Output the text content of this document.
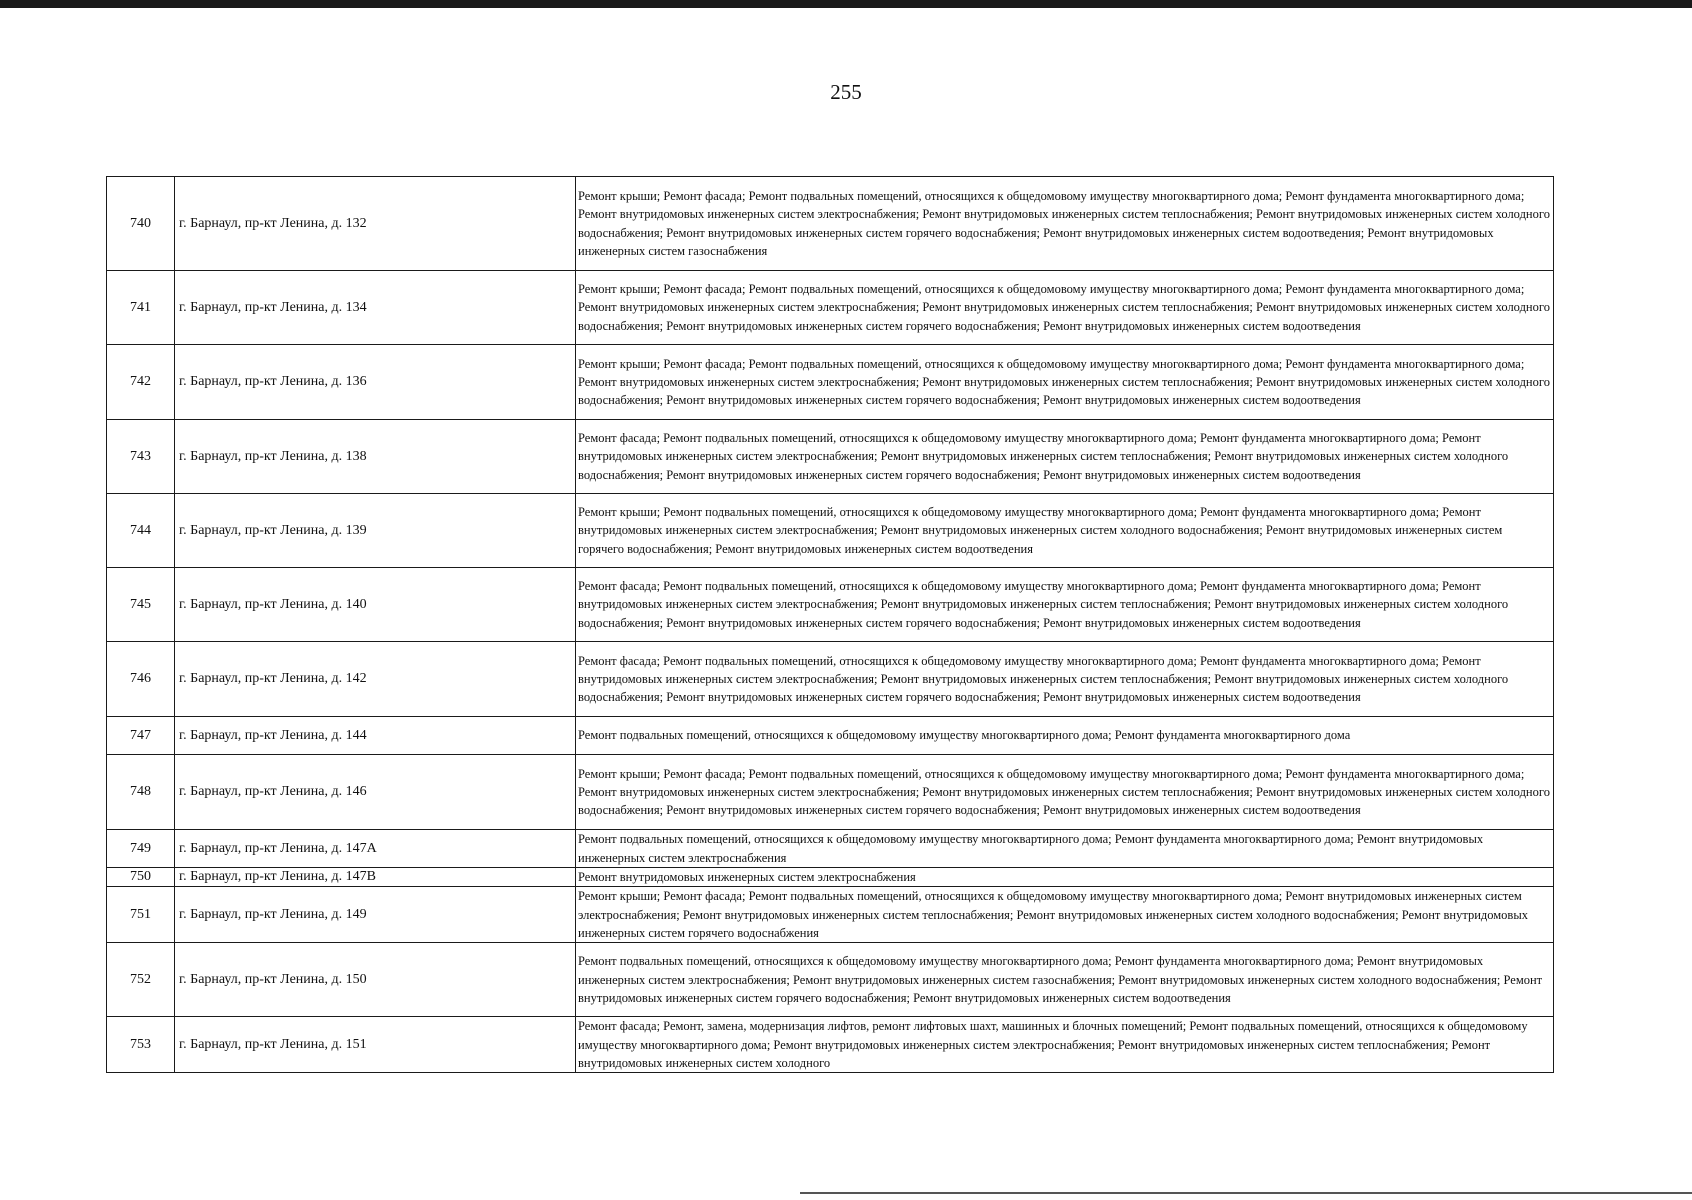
255
740	г. Барнаул, пр-кт Ленина, д. 132	Ремонт крыши; Ремонт фасада; Ремонт подвальных помещений, относящихся к общедомовому имуществу многоквартирного дома; Ремонт фундамента многоквартирного дома; Ремонт внутридомовых инженерных систем электроснабжения; Ремонт внутридомовых инженерных систем теплоснабжения; Ремонт внутридомовых инженерных систем холодного водоснабжения; Ремонт внутридомовых инженерных систем горячего водоснабжения; Ремонт внутридомовых инженерных систем водоотведения; Ремонт внутридомовых инженерных систем газоснабжения
741	г. Барнаул, пр-кт Ленина, д. 134	Ремонт крыши; Ремонт фасада; Ремонт подвальных помещений, относящихся к общедомовому имуществу многоквартирного дома; Ремонт фундамента многоквартирного дома; Ремонт внутридомовых инженерных систем электроснабжения; Ремонт внутридомовых инженерных систем теплоснабжения; Ремонт внутридомовых инженерных систем холодного водоснабжения; Ремонт внутридомовых инженерных систем горячего водоснабжения; Ремонт внутридомовых инженерных систем водоотведения
742	г. Барнаул, пр-кт Ленина, д. 136	Ремонт крыши; Ремонт фасада; Ремонт подвальных помещений, относящихся к общедомовому имуществу многоквартирного дома; Ремонт фундамента многоквартирного дома; Ремонт внутридомовых инженерных систем электроснабжения; Ремонт внутридомовых инженерных систем теплоснабжения; Ремонт внутридомовых инженерных систем холодного водоснабжения; Ремонт внутридомовых инженерных систем горячего водоснабжения; Ремонт внутридомовых инженерных систем водоотведения
743	г. Барнаул, пр-кт Ленина, д. 138	Ремонт фасада; Ремонт подвальных помещений, относящихся к общедомовому имуществу многоквартирного дома; Ремонт фундамента многоквартирного дома; Ремонт внутридомовых инженерных систем электроснабжения; Ремонт внутридомовых инженерных систем теплоснабжения; Ремонт внутридомовых инженерных систем холодного водоснабжения; Ремонт внутридомовых инженерных систем горячего водоснабжения; Ремонт внутридомовых инженерных систем водоотведения
744	г. Барнаул, пр-кт Ленина, д. 139	Ремонт крыши; Ремонт подвальных помещений, относящихся к общедомовому имуществу многоквартирного дома; Ремонт фундамента многоквартирного дома; Ремонт внутридомовых инженерных систем электроснабжения; Ремонт внутридомовых инженерных систем холодного водоснабжения; Ремонт внутридомовых инженерных систем горячего водоснабжения; Ремонт внутридомовых инженерных систем водоотведения
745	г. Барнаул, пр-кт Ленина, д. 140	Ремонт фасада; Ремонт подвальных помещений, относящихся к общедомовому имуществу многоквартирного дома; Ремонт фундамента многоквартирного дома; Ремонт внутридомовых инженерных систем электроснабжения; Ремонт внутридомовых инженерных систем теплоснабжения; Ремонт внутридомовых инженерных систем холодного водоснабжения; Ремонт внутридомовых инженерных систем горячего водоснабжения; Ремонт внутридомовых инженерных систем водоотведения
746	г. Барнаул, пр-кт Ленина, д. 142	Ремонт фасада; Ремонт подвальных помещений, относящихся к общедомовому имуществу многоквартирного дома; Ремонт фундамента многоквартирного дома; Ремонт внутридомовых инженерных систем электроснабжения; Ремонт внутридомовых инженерных систем теплоснабжения; Ремонт внутридомовых инженерных систем холодного водоснабжения; Ремонт внутридомовых инженерных систем горячего водоснабжения; Ремонт внутридомовых инженерных систем водоотведения
747	г. Барнаул, пр-кт Ленина, д. 144	Ремонт подвальных помещений, относящихся к общедомовому имуществу многоквартирного дома; Ремонт фундамента многоквартирного дома
748	г. Барнаул, пр-кт Ленина, д. 146	Ремонт крыши; Ремонт фасада; Ремонт подвальных помещений, относящихся к общедомовому имуществу многоквартирного дома; Ремонт фундамента многоквартирного дома; Ремонт внутридомовых инженерных систем электроснабжения; Ремонт внутридомовых инженерных систем теплоснабжения; Ремонт внутридомовых инженерных систем холодного водоснабжения; Ремонт внутридомовых инженерных систем горячего водоснабжения; Ремонт внутридомовых инженерных систем водоотведения
749	г. Барнаул, пр-кт Ленина, д. 147А	Ремонт подвальных помещений, относящихся к общедомовому имуществу многоквартирного дома; Ремонт фундамента многоквартирного дома; Ремонт внутридомовых инженерных систем электроснабжения
750	г. Барнаул, пр-кт Ленина, д. 147В	Ремонт внутридомовых инженерных систем электроснабжения
751	г. Барнаул, пр-кт Ленина, д. 149	Ремонт крыши; Ремонт фасада; Ремонт подвальных помещений, относящихся к общедомовому имуществу многоквартирного дома; Ремонт внутридомовых инженерных систем электроснабжения; Ремонт внутридомовых инженерных систем теплоснабжения; Ремонт внутридомовых инженерных систем холодного водоснабжения; Ремонт внутридомовых инженерных систем горячего водоснабжения
752	г. Барнаул, пр-кт Ленина, д. 150	Ремонт подвальных помещений, относящихся к общедомовому имуществу многоквартирного дома; Ремонт фундамента многоквартирного дома; Ремонт внутридомовых инженерных систем электроснабжения; Ремонт внутридомовых инженерных систем газоснабжения; Ремонт внутридомовых инженерных систем холодного водоснабжения; Ремонт внутридомовых инженерных систем горячего водоснабжения; Ремонт внутридомовых инженерных систем водоотведения
753	г. Барнаул, пр-кт Ленина, д. 151	Ремонт фасада; Ремонт, замена, модернизация лифтов, ремонт лифтовых шахт, машинных и блочных помещений; Ремонт подвальных помещений, относящихся к общедомовому имуществу многоквартирного дома; Ремонт внутридомовых инженерных систем электроснабжения; Ремонт внутридомовых инженерных систем теплоснабжения; Ремонт внутридомовых инженерных систем холодного
